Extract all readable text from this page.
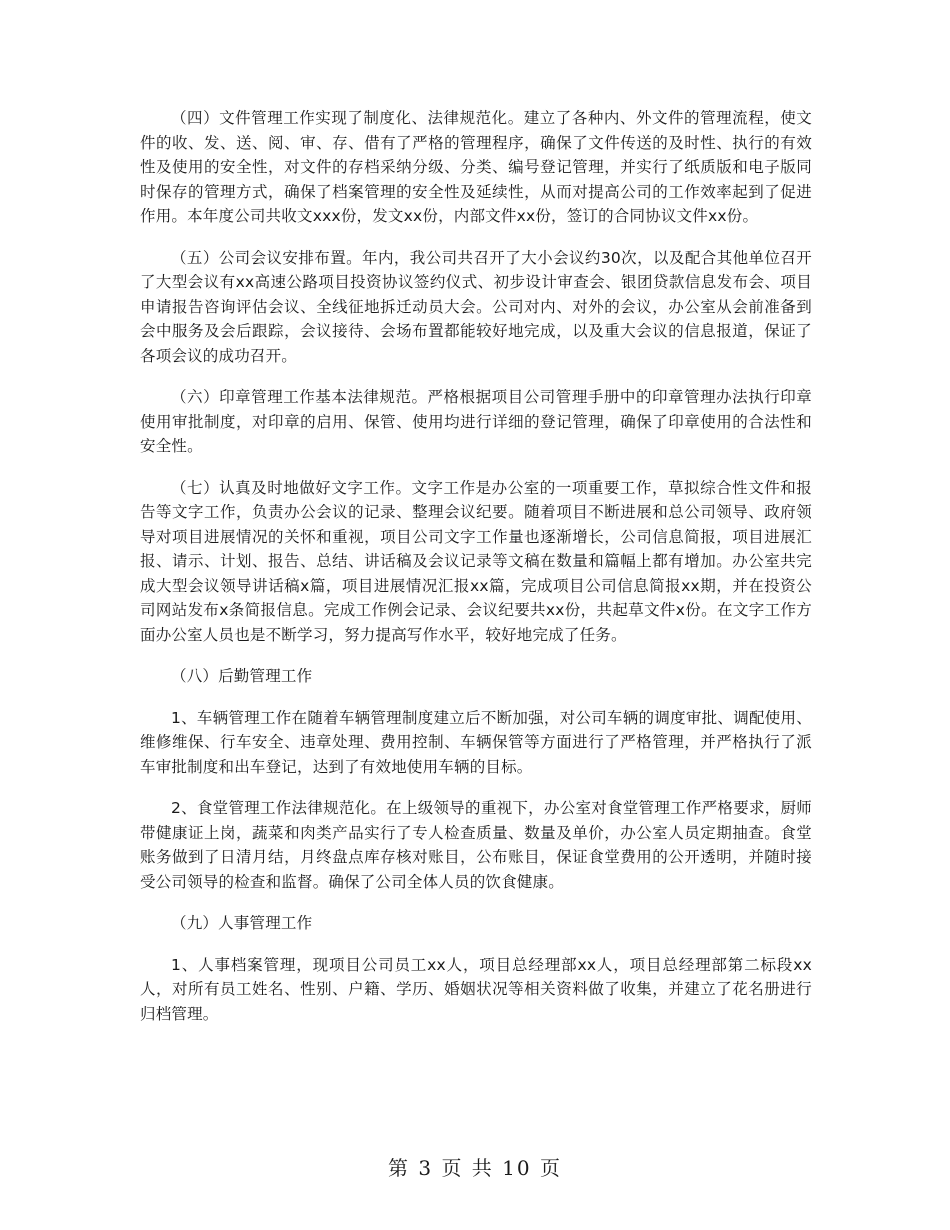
（四）文件管理工作实现了制度化、法律规范化。建立了各种内、外文件的管理流程，使文件的收、发、送、阅、审、存、借有了严格的管理程序，确保了文件传送的及时性、执行的有效性及使用的安全性，对文件的存档采纳分级、分类、编号登记管理，并实行了纸质版和电子版同时保存的管理方式，确保了档案管理的安全性及延续性，从而对提高公司的工作效率起到了促进作用。本年度公司共收文xxx份，发文xx份，内部文件xx份，签订的合同协议文件xx份。

（五）公司会议安排布置。年内，我公司共召开了大小会议约30次，以及配合其他单位召开了大型会议有xx高速公路项目投资协议签约仪式、初步设计审查会、银团贷款信息发布会、项目申请报告咨询评估会议、全线征地拆迁动员大会。公司对内、对外的会议，办公室从会前准备到会中服务及会后跟踪，会议接待、会场布置都能较好地完成，以及重大会议的信息报道，保证了各项会议的成功召开。

（六）印章管理工作基本法律规范。严格根据项目公司管理手册中的印章管理办法执行印章使用审批制度，对印章的启用、保管、使用均进行详细的登记管理，确保了印章使用的合法性和安全性。

（七）认真及时地做好文字工作。文字工作是办公室的一项重要工作，草拟综合性文件和报告等文字工作，负责办公会议的记录、整理会议纪要。随着项目不断进展和总公司领导、政府领导对项目进展情况的关怀和重视，项目公司文字工作量也逐渐增长，公司信息简报，项目进展汇报、请示、计划、报告、总结、讲话稿及会议记录等文稿在数量和篇幅上都有增加。办公室共完成大型会议领导讲话稿x篇，项目进展情况汇报xx篇，完成项目公司信息简报xx期，并在投资公司网站发布x条简报信息。完成工作例会记录、会议纪要共xx份，共起草文件x份。在文字工作方面办公室人员也是不断学习，努力提高写作水平，较好地完成了任务。

（八）后勤管理工作

1、车辆管理工作在随着车辆管理制度建立后不断加强，对公司车辆的调度审批、调配使用、维修维保、行车安全、违章处理、费用控制、车辆保管等方面进行了严格管理，并严格执行了派车审批制度和出车登记，达到了有效地使用车辆的目标。

2、食堂管理工作法律规范化。在上级领导的重视下，办公室对食堂管理工作严格要求，厨师带健康证上岗，蔬菜和肉类产品实行了专人检查质量、数量及单价，办公室人员定期抽查。食堂账务做到了日清月结，月终盘点库存核对账目，公布账目，保证食堂费用的公开透明，并随时接受公司领导的检查和监督。确保了公司全体人员的饮食健康。

（九）人事管理工作

1、人事档案管理，现项目公司员工xx人，项目总经理部xx人，项目总经理部第二标段xx人，对所有员工姓名、性别、户籍、学历、婚姻状况等相关资料做了收集，并建立了花名册进行归档管理。

第 3 页 共 10 页
